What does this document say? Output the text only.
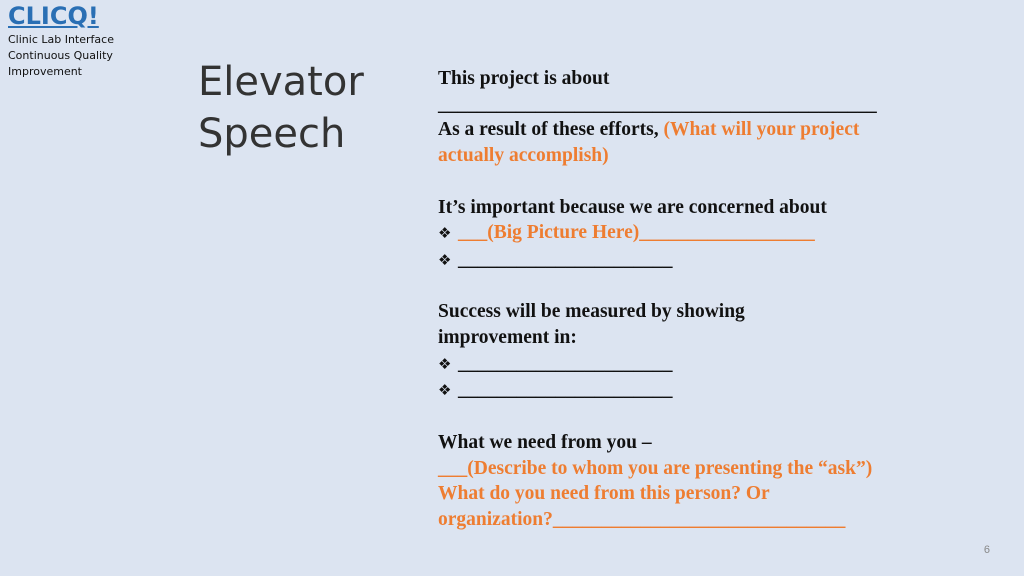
CLICQ!
Clinic Lab Interface Continuous Quality Improvement	Elevator
Speech

This project is about

_____________________________________________

As a result of these efforts, (What will your project actually accomplish)

It’s important because we are concerned about:

❖ ___(Big Picture Here)__________________
❖ ______________________

Success will be measured by showing improvement in:

❖ ______________________
❖ ______________________

What we need from you –

___(Describe to whom you are presenting the “ask”) What do you need from this person? Or organization?______________________________

6
